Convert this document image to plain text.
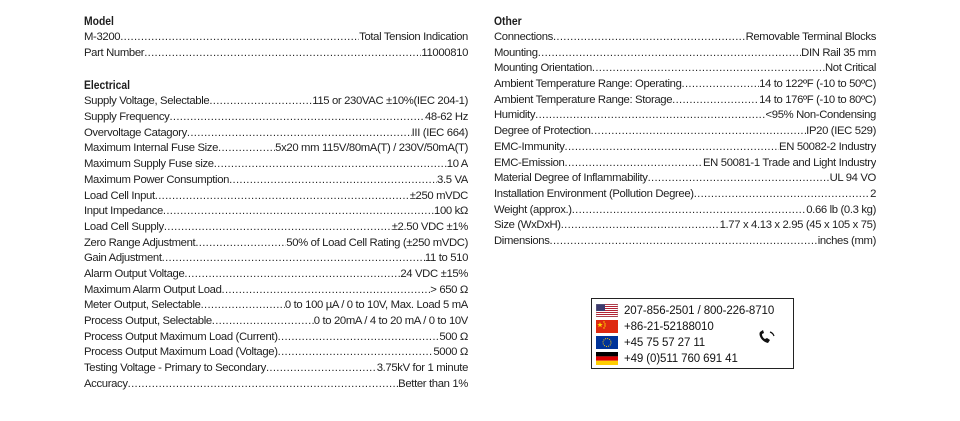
Model
M-3200 .....	Total Tension Indication
Part Number .....	11000810
Electrical
Supply Voltage, Selectable .....	115 or 230VAC ±10%(IEC 204-1)
Supply Frequency .....	48-62 Hz
Overvoltage Catagory .....	III (IEC 664)
Maximum Internal Fuse Size .....	5x20 mm 115V/80mA(T) / 230V/50mA(T)
Maximum Supply Fuse size .....	10 A
Maximum Power Consumption .....	3.5 VA
Load Cell Input .....	±250 mVDC
Input Impedance .....	100 kΩ
Load Cell Supply .....	±2.50 VDC ±1%
Zero Range Adjustment .....	50% of Load Cell Rating (±250 mVDC)
Gain Adjustment .....	11 to 510
Alarm Output Voltage .....	24 VDC ±15%
Maximum Alarm Output Load .....	> 650 Ω
Meter Output, Selectable .....	0 to 100 µA / 0 to 10V, Max. Load 5 mA
Process Output, Selectable .....	0 to 20mA / 4 to 20 mA / 0 to 10V
Process Output Maximum Load (Current) .....	500 Ω
Process Output Maximum Load (Voltage) .....	5000 Ω
Testing Voltage - Primary to Secondary .....	3.75kV for 1 minute
Accuracy .....	Better than 1%
Other
Connections .....	Removable Terminal Blocks
Mounting .....	DIN Rail 35 mm
Mounting Orientation .....	Not Critical
Ambient Temperature Range: Operating .....	14 to 122ºF (-10 to 50ºC)
Ambient Temperature Range: Storage .....	14 to 176ºF (-10 to 80ºC)
Humidity .....	<95% Non-Condensing
Degree of Protection .....	IP20 (IEC 529)
EMC-Immunity .....	EN 50082-2 Industry
EMC-Emission .....	EN 50081-1 Trade and Light Industry
Material Degree of Inflammability .....	UL 94 VO
Installation Environment (Pollution Degree) .....	2
Weight (approx.) .....	0.66 lb (0.3 kg)
Size (WxDxH) .....	1.77 x 4.13 x 2.95 (45 x 105 x 75)
Dimensions .....	inches (mm)
207-856-2501 / 800-226-8710
+86-21-52188010
+45 75 57 27 11
+49 (0)511 760 691 41
